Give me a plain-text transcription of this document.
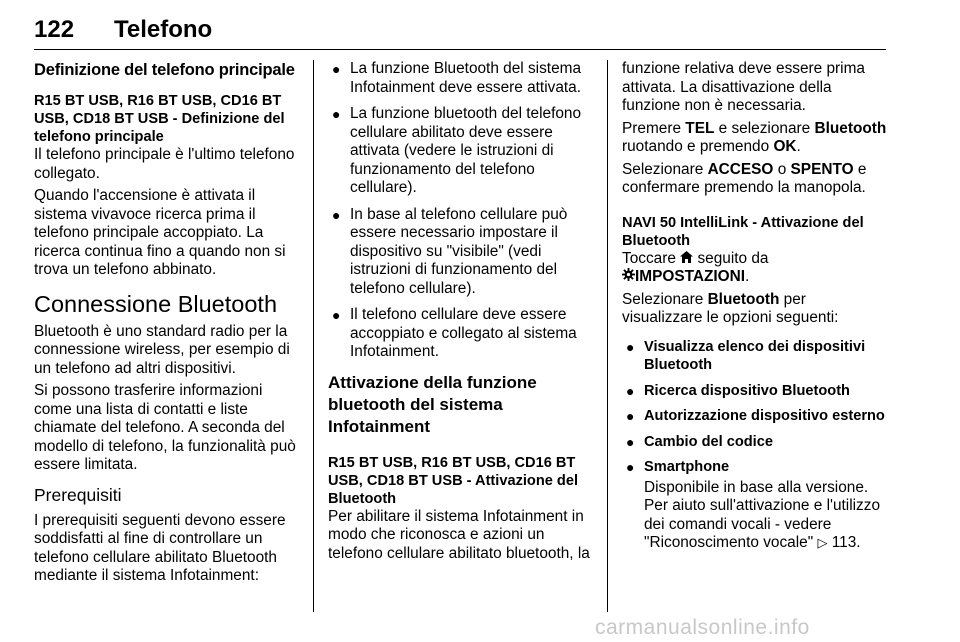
122 Telefono
Definizione del telefono principale
R15 BT USB, R16 BT USB, CD16 BT USB, CD18 BT USB - Definizione del telefono principale

Il telefono principale è l'ultimo telefono collegato.

Quando l'accensione è attivata il sistema vivavoce ricerca prima il telefono principale accoppiato. La ricerca continua fino a quando non si trova un telefono abbinato.

Connessione Bluetooth

Bluetooth è uno standard radio per la connessione wireless, per esempio di un telefono ad altri dispositivi.

Si possono trasferire informazioni come una lista di contatti e liste chiamate del telefono. A seconda del modello di telefono, la funzionalità può essere limitata.

Prerequisiti

I prerequisiti seguenti devono essere soddisfatti al fine di controllare un telefono cellulare abilitato Bluetooth mediante il sistema Infotainment:

● La funzione Bluetooth del sistema Infotainment deve essere attivata.
● La funzione bluetooth del telefono cellulare abilitato deve essere attivata (vedere le istruzioni di funzionamento del telefono cellulare).
● In base al telefono cellulare può essere necessario impostare il dispositivo su "visibile" (vedi istruzioni di funzionamento del telefono cellulare).
● Il telefono cellulare deve essere accoppiato e collegato al sistema Infotainment.
Attivazione della funzione bluetooth del sistema Infotainment
R15 BT USB, R16 BT USB, CD16 BT USB, CD18 BT USB - Attivazione del Bluetooth

Per abilitare il sistema Infotainment in modo che riconosca e azioni un telefono cellulare abilitato bluetooth, la

funzione relativa deve essere prima attivata. La disattivazione della funzione non è necessaria.

Premere TEL e selezionare Bluetooth ruotando e premendo OK.

Selezionare ACCESO o SPENTO e confermare premendo la manopola.

NAVI 50 IntelliLink - Attivazione del Bluetooth

Toccare  seguito da
IMPOSTAZIONI.

Selezionare Bluetooth per visualizzare le opzioni seguenti:

● Visualizza elenco dei dispositivi Bluetooth
● Ricerca dispositivo Bluetooth
● Autorizzazione dispositivo esterno
● Cambio del codice
● Smartphone
Disponibile in base alla versione. Per aiuto sull'attivazione e l'utilizzo dei comandi vocali - vedere "Riconoscimento vocale" ▷ 113.
carmanualsonline.info
